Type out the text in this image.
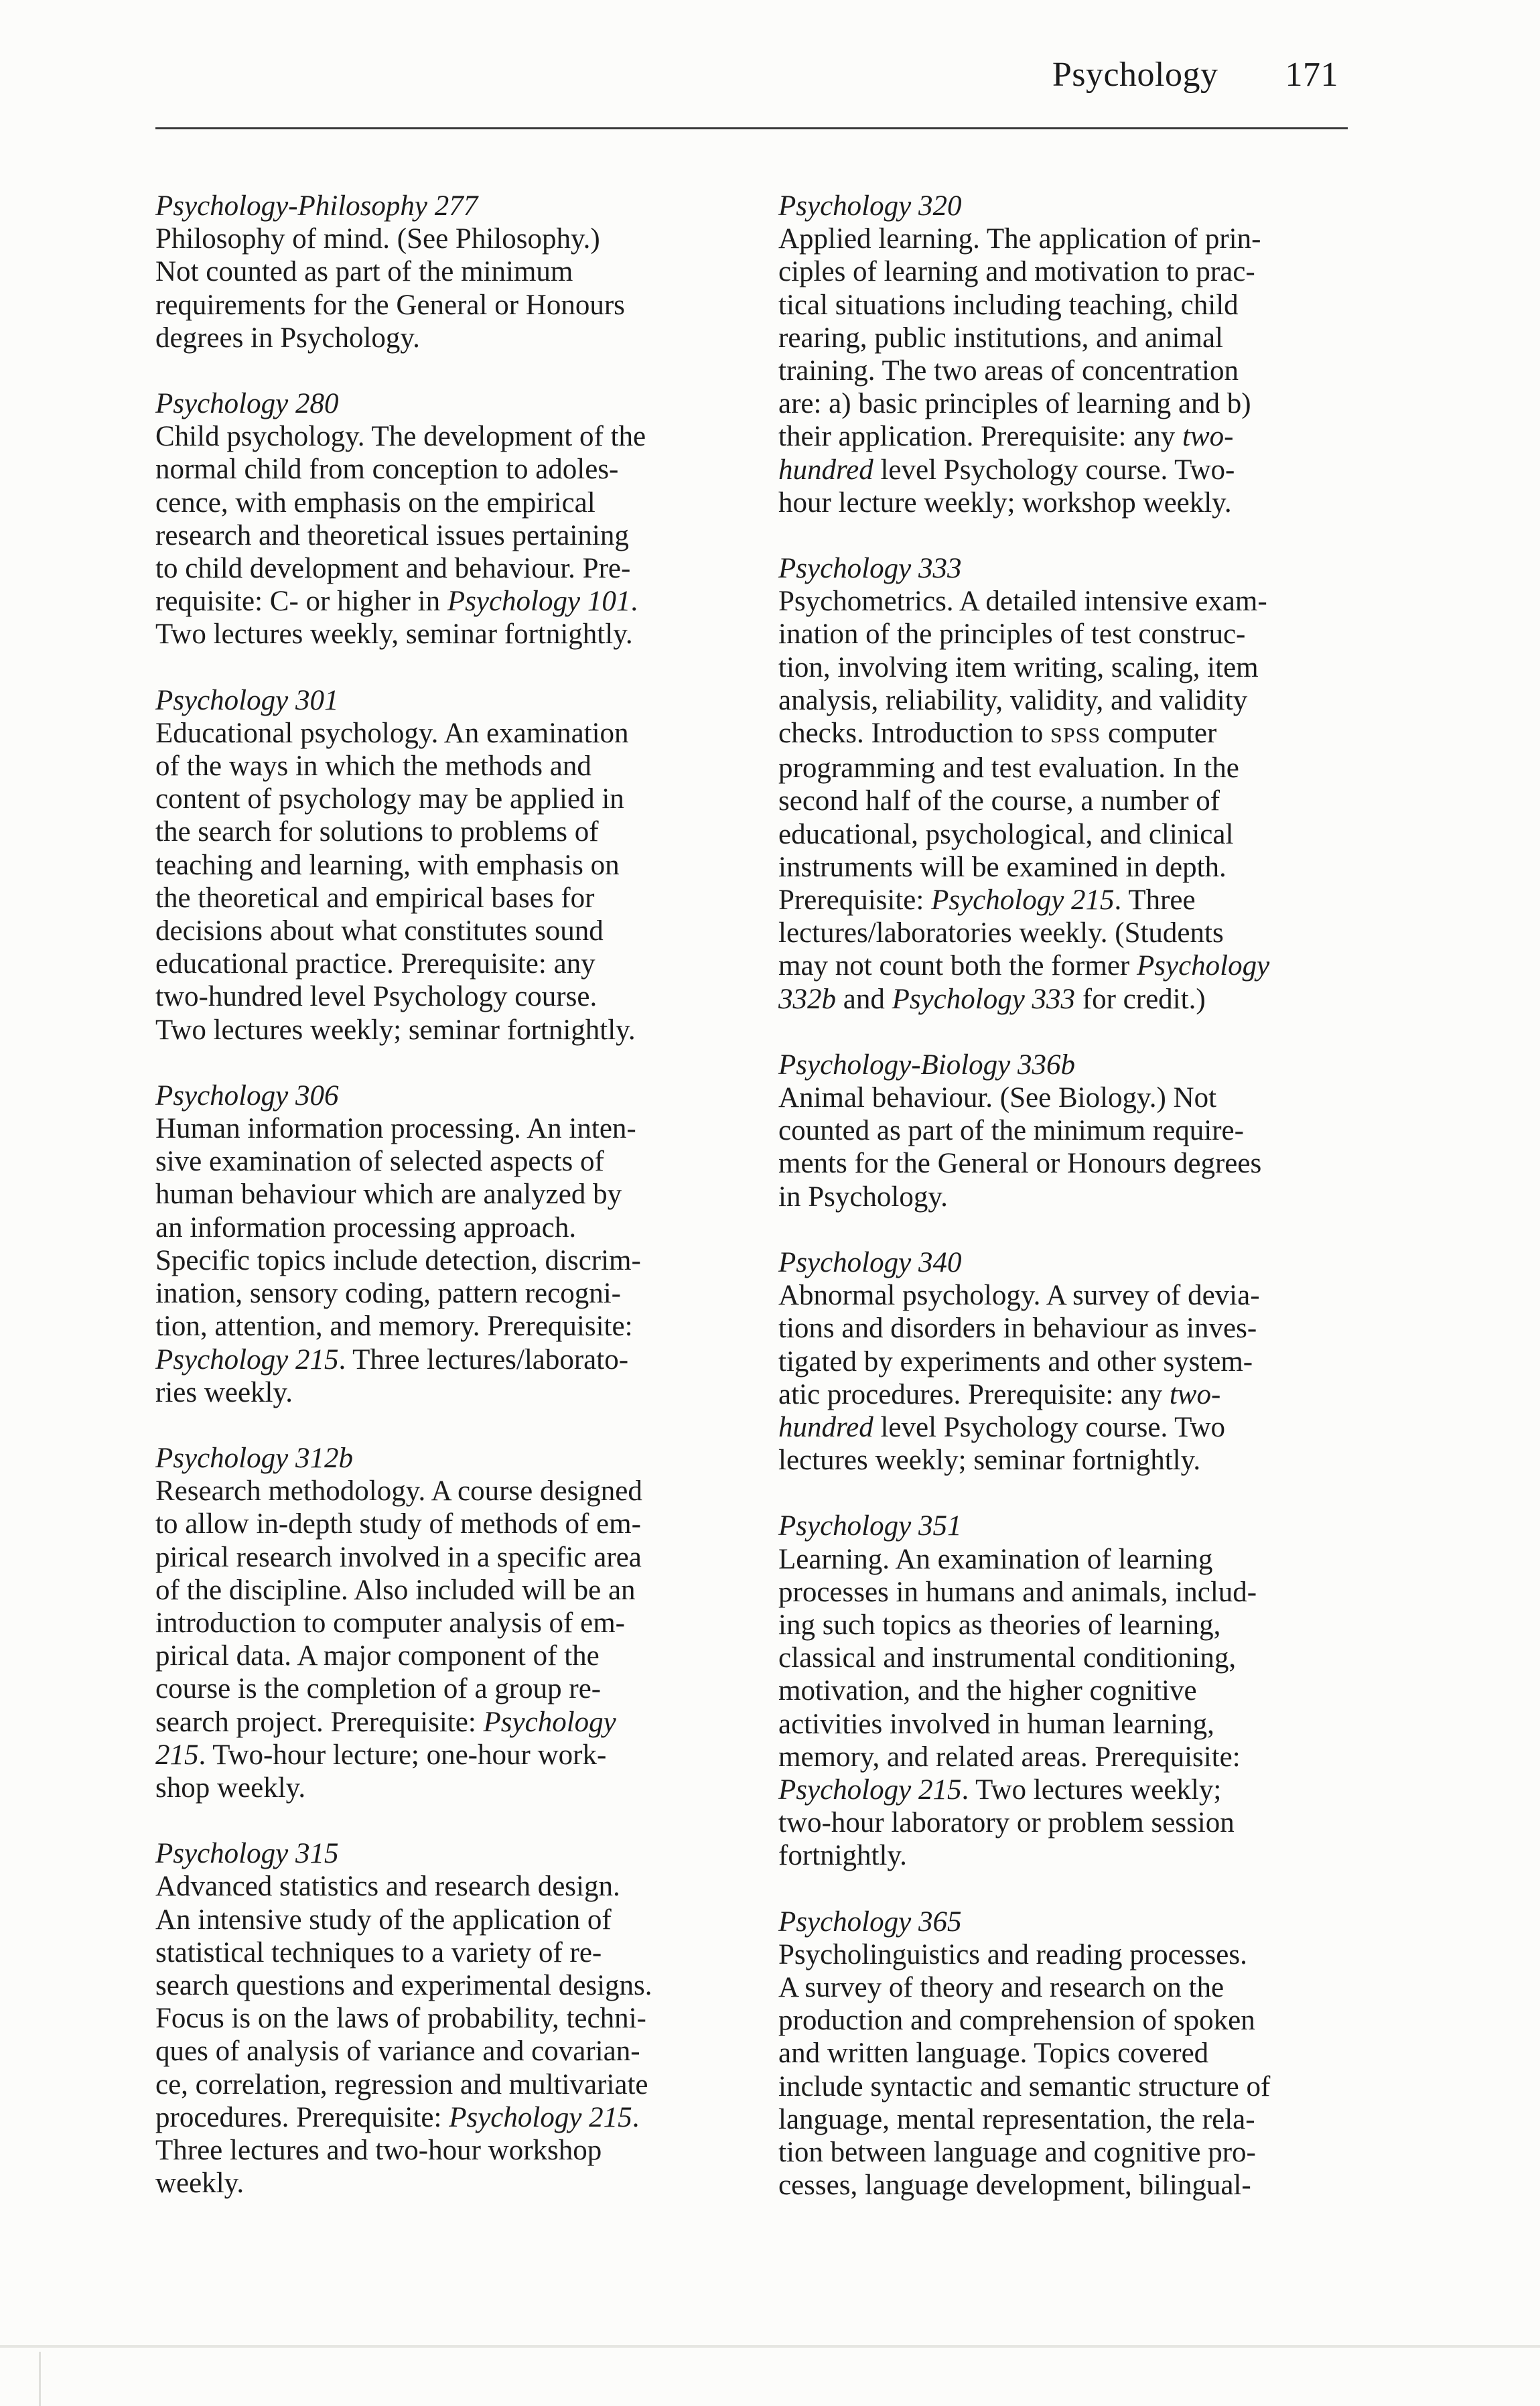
Psychology 171
Psychology-Philosophy 277
Philosophy of mind. (See Philosophy.)
Not counted as part of the minimum
requirements for the General or Honours
degrees in Psychology.
Psychology 280
Child psychology. The development of the
normal child from conception to adoles-
cence, with emphasis on the empirical
research and theoretical issues pertaining
to child development and behaviour. Pre-
requisite: C- or higher in Psychology 101.
Two lectures weekly, seminar fortnightly.
Psychology 301
Educational psychology. An examination
of the ways in which the methods and
content of psychology may be applied in
the search for solutions to problems of
teaching and learning, with emphasis on
the theoretical and empirical bases for
decisions about what constitutes sound
educational practice. Prerequisite: any
two-hundred level Psychology course.
Two lectures weekly; seminar fortnightly.
Psychology 306
Human information processing. An inten-
sive examination of selected aspects of
human behaviour which are analyzed by
an information processing approach.
Specific topics include detection, discrim-
ination, sensory coding, pattern recogni-
tion, attention, and memory. Prerequisite:
Psychology 215. Three lectures/laborato-
ries weekly.
Psychology 312b
Research methodology. A course designed
to allow in-depth study of methods of em-
pirical research involved in a specific area
of the discipline. Also included will be an
introduction to computer analysis of em-
pirical data. A major component of the
course is the completion of a group re-
search project. Prerequisite: Psychology
215. Two-hour lecture; one-hour work-
shop weekly.
Psychology 315
Advanced statistics and research design.
An intensive study of the application of
statistical techniques to a variety of re-
search questions and experimental designs.
Focus is on the laws of probability, techni-
ques of analysis of variance and covarian-
ce, correlation, regression and multivariate
procedures. Prerequisite: Psychology 215.
Three lectures and two-hour workshop
weekly.
Psychology 320
Applied learning. The application of prin-
ciples of learning and motivation to prac-
tical situations including teaching, child
rearing, public institutions, and animal
training. The two areas of concentration
are: a) basic principles of learning and b)
their application. Prerequisite: any two-
hundred level Psychology course. Two-
hour lecture weekly; workshop weekly.
Psychology 333
Psychometrics. A detailed intensive exam-
ination of the principles of test construc-
tion, involving item writing, scaling, item
analysis, reliability, validity, and validity
checks. Introduction to SPSS computer
programming and test evaluation. In the
second half of the course, a number of
educational, psychological, and clinical
instruments will be examined in depth.
Prerequisite: Psychology 215. Three
lectures/laboratories weekly. (Students
may not count both the former Psychology
332b and Psychology 333 for credit.)
Psychology-Biology 336b
Animal behaviour. (See Biology.) Not
counted as part of the minimum require-
ments for the General or Honours degrees
in Psychology.
Psychology 340
Abnormal psychology. A survey of devia-
tions and disorders in behaviour as inves-
tigated by experiments and other system-
atic procedures. Prerequisite: any two-
hundred level Psychology course. Two
lectures weekly; seminar fortnightly.
Psychology 351
Learning. An examination of learning
processes in humans and animals, includ-
ing such topics as theories of learning,
classical and instrumental conditioning,
motivation, and the higher cognitive
activities involved in human learning,
memory, and related areas. Prerequisite:
Psychology 215. Two lectures weekly;
two-hour laboratory or problem session
fortnightly.
Psychology 365
Psycholinguistics and reading processes.
A survey of theory and research on the
production and comprehension of spoken
and written language. Topics covered
include syntactic and semantic structure of
language, mental representation, the rela-
tion between language and cognitive pro-
cesses, language development, bilingual-
